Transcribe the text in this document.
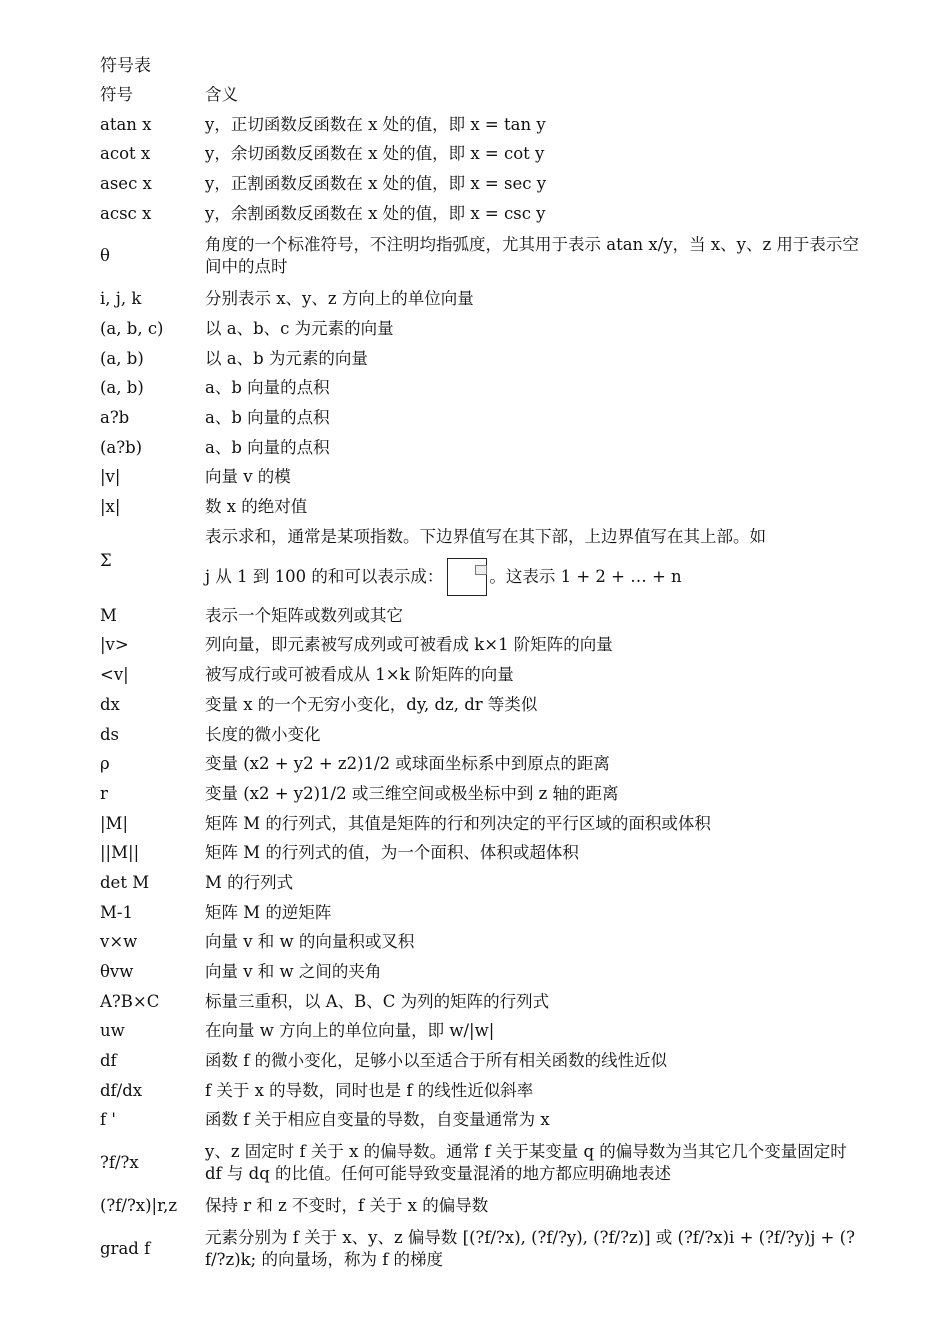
符号表
符号	含义
atan x	y，正切函数反函数在 x 处的值，即 x = tan y
acot x	y，余切函数反函数在 x 处的值，即 x = cot y
asec x	y，正割函数反函数在 x 处的值，即 x = sec y
acsc x	y，余割函数反函数在 x 处的值，即 x = csc y
θ	角度的一个标准符号，不注明均指弧度，尤其用于表示 atan x/y，当 x、y、z 用于表示空间中的点时
i, j, k	分别表示 x、y、z 方向上的单位向量
(a, b, c)	以 a、b、c 为元素的向量
(a, b)	以 a、b 为元素的向量
(a, b)	a、b 向量的点积
a?b	a、b 向量的点积
(a?b)	a、b 向量的点积
|v|	向量 v 的模
|x|	数 x 的绝对值
Σ	表示求和，通常是某项指数。下边界值写在其下部，上边界值写在其上部。如
j 从 1 到 100 的和可以表示成： 。这表示 1 + 2 + … + n

M	表示一个矩阵或数列或其它
|v>	列向量，即元素被写成列或可被看成 k×1 阶矩阵的向量
<v|	被写成行或可被看成从 1×k 阶矩阵的向量
dx	变量 x 的一个无穷小变化，dy, dz, dr 等类似
ds	长度的微小变化
ρ	变量 (x2 + y2 + z2)1/2 或球面坐标系中到原点的距离
r	变量 (x2 + y2)1/2 或三维空间或极坐标中到 z 轴的距离
|M|	矩阵 M 的行列式，其值是矩阵的行和列决定的平行区域的面积或体积
||M||	矩阵 M 的行列式的值，为一个面积、体积或超体积
det M	M 的行列式
M-1	矩阵 M 的逆矩阵
v×w	向量 v 和 w 的向量积或叉积
θvw	向量 v 和 w 之间的夹角
A?B×C	标量三重积，以 A、B、C 为列的矩阵的行列式
uw	在向量 w 方向上的单位向量，即 w/|w|
df	函数 f 的微小变化，足够小以至适合于所有相关函数的线性近似
df/dx	f 关于 x 的导数，同时也是 f 的线性近似斜率
f '	函数 f 关于相应自变量的导数，自变量通常为 x
?f/?x	y、z 固定时 f 关于 x 的偏导数。通常 f 关于某变量 q 的偏导数为当其它几个变量固定时 df 与 dq 的比值。任何可能导致变量混淆的地方都应明确地表述
(?f/?x)|r,z	保持 r 和 z 不变时，f 关于 x 的偏导数
grad f	元素分别为 f 关于 x、y、z 偏导数 [(?f/?x), (?f/?y), (?f/?z)] 或 (?f/?x)i + (?f/?y)j + (?f/?z)k; 的向量场，称为 f 的梯度
